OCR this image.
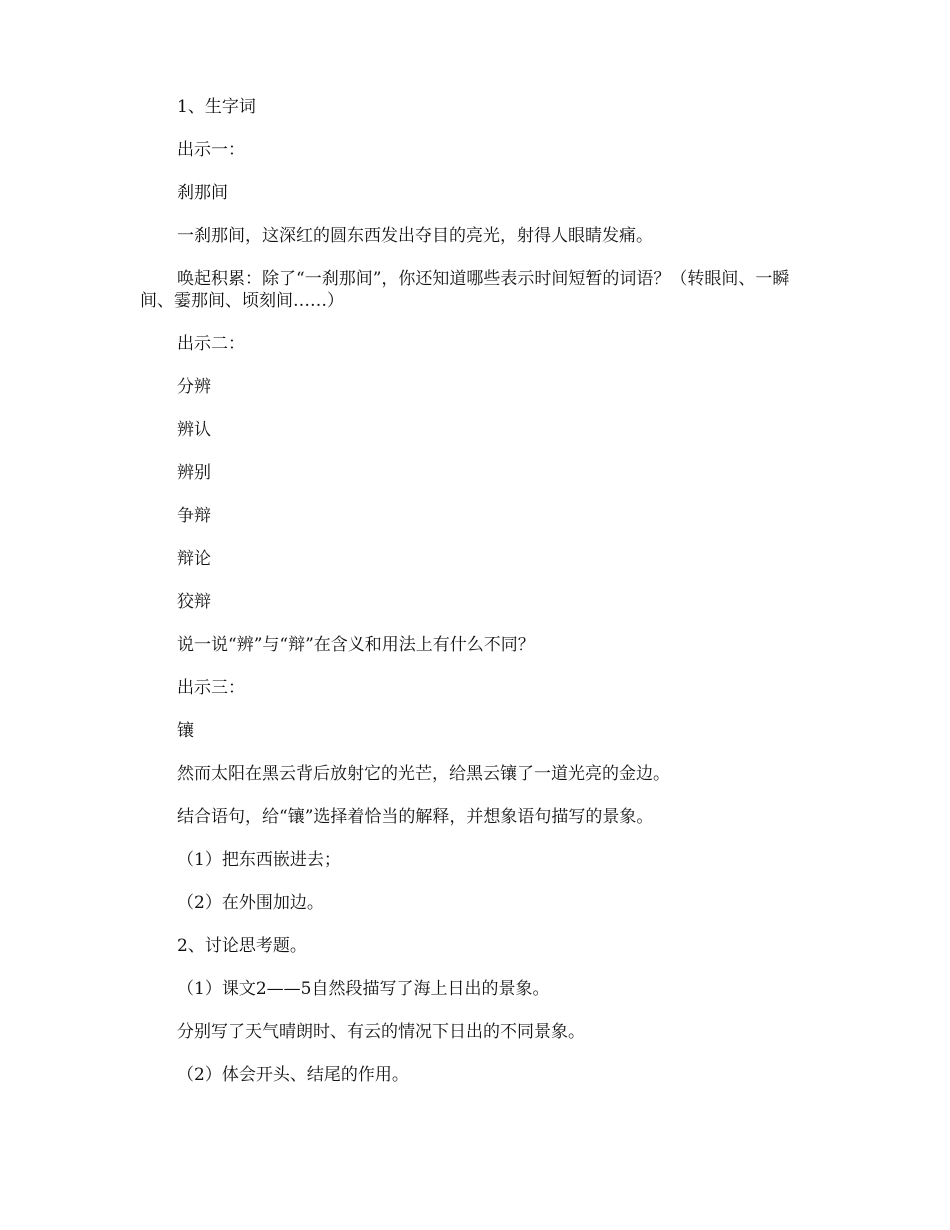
1、生字词

出示一：

刹那间

一刹那间，这深红的圆东西发出夺目的亮光，射得人眼睛发痛。

唤起积累：除了“一刹那间”，你还知道哪些表示时间短暂的词语？（转眼间、一瞬间、霎那间、顷刻间……）

出示二：

分辨

辨认

辨别

争辩

辩论

狡辩

说一说“辨”与“辩”在含义和用法上有什么不同？

出示三：

镶

然而太阳在黑云背后放射它的光芒，给黑云镶了一道光亮的金边。

结合语句，给“镶”选择着恰当的解释，并想象语句描写的景象。

（1）把东西嵌进去；

（2）在外围加边。

2、讨论思考题。

（1）课文2——5自然段描写了海上日出的景象。

分别写了天气晴朗时、有云的情况下日出的不同景象。

（2）体会开头、结尾的作用。
